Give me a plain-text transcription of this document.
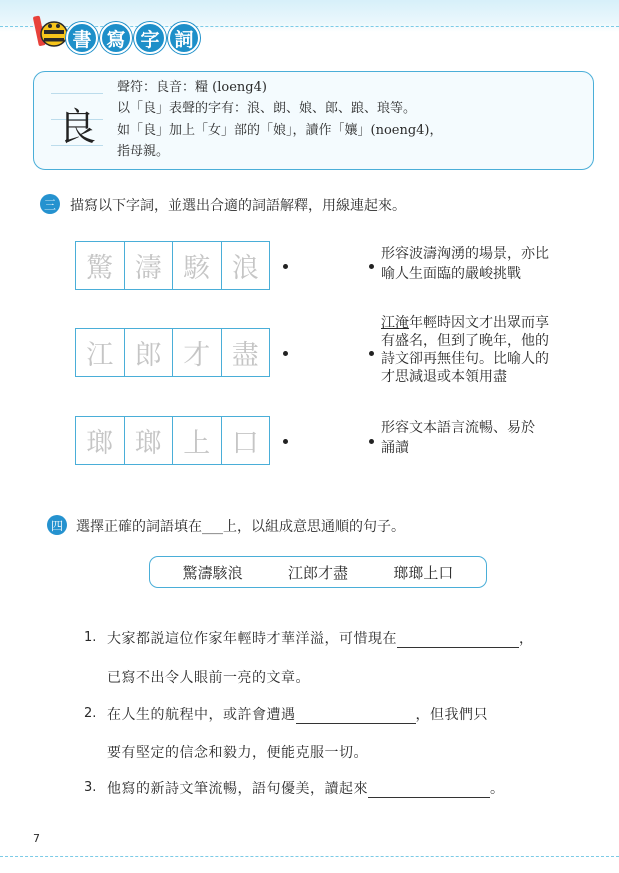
書 寫 字 詞
良
聲符：良音：糧 (loeng4)
以「良」表聲的字有：浪、朗、娘、郎、踉、琅等。
如「良」加上「女」部的「娘」，讀作「孃」(noeng4)，
指母親。
三 描寫以下字詞，並選出合適的詞語解釋，用線連起來。
驚 濤 駭 浪
江 郎 才 盡
瑯 瑯 上 口
形容波濤洶湧的場景，亦比
喻人生面臨的嚴峻挑戰
江淹年輕時因文才出眾而享
有盛名，但到了晚年，他的
詩文卻再無佳句。比喻人的
才思減退或本領用盡
形容文本語言流暢、易於
誦讀
四 選擇正確的詞語填在___上，以組成意思通順的句子。
驚濤駭浪	江郎才盡	瑯瑯上口
1. 大家都説這位作家年輕時才華洋溢，可惜現在	，
已寫不出令人眼前一亮的文章。
2. 在人生的航程中，或許會遭遇	，但我們只
要有堅定的信念和毅力，便能克服一切。
3. 他寫的新詩文筆流暢，語句優美，讀起來	。
7
